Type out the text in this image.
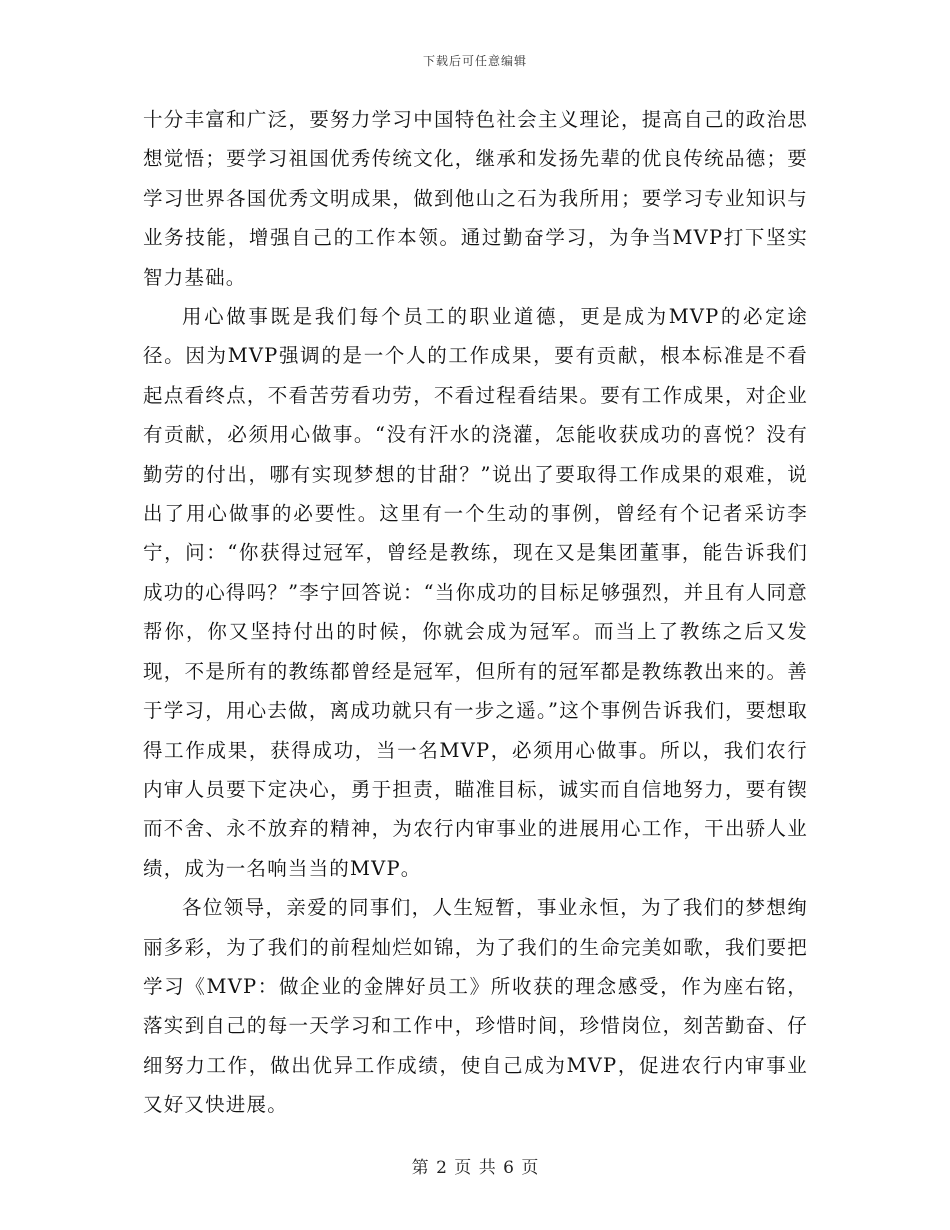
下载后可任意编辑

十分丰富和广泛，要努力学习中国特色社会主义理论，提高自己的政治思想觉悟；要学习祖国优秀传统文化，继承和发扬先辈的优良传统品德；要学习世界各国优秀文明成果，做到他山之石为我所用；要学习专业知识与业务技能，增强自己的工作本领。通过勤奋学习，为争当MVP打下坚实智力基础。

用心做事既是我们每个员工的职业道德，更是成为MVP的必定途径。因为MVP强调的是一个人的工作成果，要有贡献，根本标准是不看起点看终点，不看苦劳看功劳，不看过程看结果。要有工作成果，对企业有贡献，必须用心做事。“没有汗水的浇灌，怎能收获成功的喜悦？没有勤劳的付出，哪有实现梦想的甘甜？”说出了要取得工作成果的艰难，说出了用心做事的必要性。这里有一个生动的事例，曾经有个记者采访李宁，问：“你获得过冠军，曾经是教练，现在又是集团董事，能告诉我们成功的心得吗？”李宁回答说：“当你成功的目标足够强烈，并且有人同意帮你，你又坚持付出的时候，你就会成为冠军。而当上了教练之后又发现，不是所有的教练都曾经是冠军，但所有的冠军都是教练教出来的。善于学习，用心去做，离成功就只有一步之遥。”这个事例告诉我们，要想取得工作成果，获得成功，当一名MVP，必须用心做事。所以，我们农行内审人员要下定决心，勇于担责，瞄准目标，诚实而自信地努力，要有锲而不舍、永不放弃的精神，为农行内审事业的进展用心工作，干出骄人业绩，成为一名响当当的MVP。

各位领导，亲爱的同事们，人生短暂，事业永恒，为了我们的梦想绚丽多彩，为了我们的前程灿烂如锦，为了我们的生命完美如歌，我们要把学习《MVP：做企业的金牌好员工》所收获的理念感受，作为座右铭，落实到自己的每一天学习和工作中，珍惜时间，珍惜岗位，刻苦勤奋、仔细努力工作，做出优异工作成绩，使自己成为MVP，促进农行内审事业又好又快进展。

第 2 页 共 6 页
